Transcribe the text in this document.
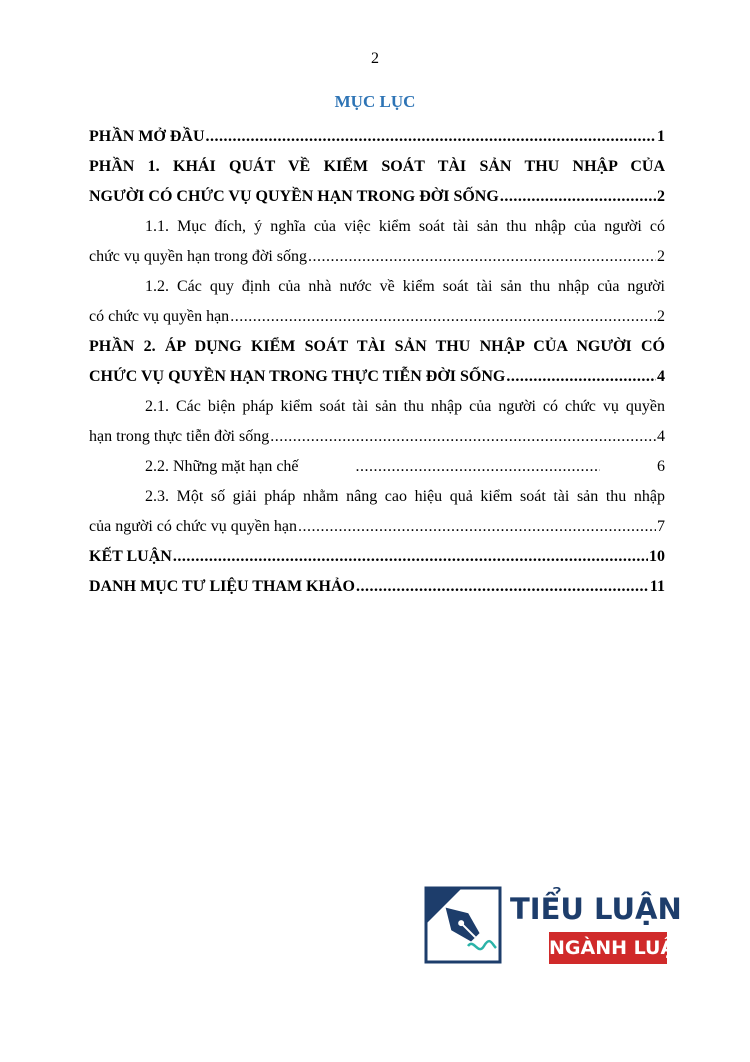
2
MỤC LỤC
PHẦN MỞ ĐẦU .....	1
PHẦN 1. KHÁI QUÁT VỀ KIỂM SOÁT TÀI SẢN THU NHẬP CỦA
NGƯỜI CÓ CHỨC VỤ QUYỀN HẠN TRONG ĐỜI SỐNG .....	2
1.1. Mục đích, ý nghĩa của việc kiểm soát tài sản thu nhập của người có
chức vụ quyền hạn trong đời sống .....	2
1.2. Các quy định của nhà nước về kiểm soát tài sản thu nhập của người
có chức vụ quyền hạn .....	2
PHẦN 2. ÁP DỤNG KIỂM SOÁT TÀI SẢN THU NHẬP CỦA NGƯỜI CÓ
CHỨC VỤ QUYỀN HẠN TRONG THỰC TIỄN ĐỜI SỐNG .....	4
2.1. Các biện pháp kiểm soát tài sản thu nhập của người có chức vụ quyền
hạn trong thực tiễn đời sống .....	4
2.2. Những mặt hạn chế .....	6
2.3. Một số giải pháp nhằm nâng cao hiệu quả kiểm soát tài sản thu nhập
của người có chức vụ quyền hạn .....	7
KẾT LUẬN .....	10
DANH MỤC TƯ LIỆU THAM KHẢO .....	11
TIỂU LUẬN
NGÀNH LUẬT
